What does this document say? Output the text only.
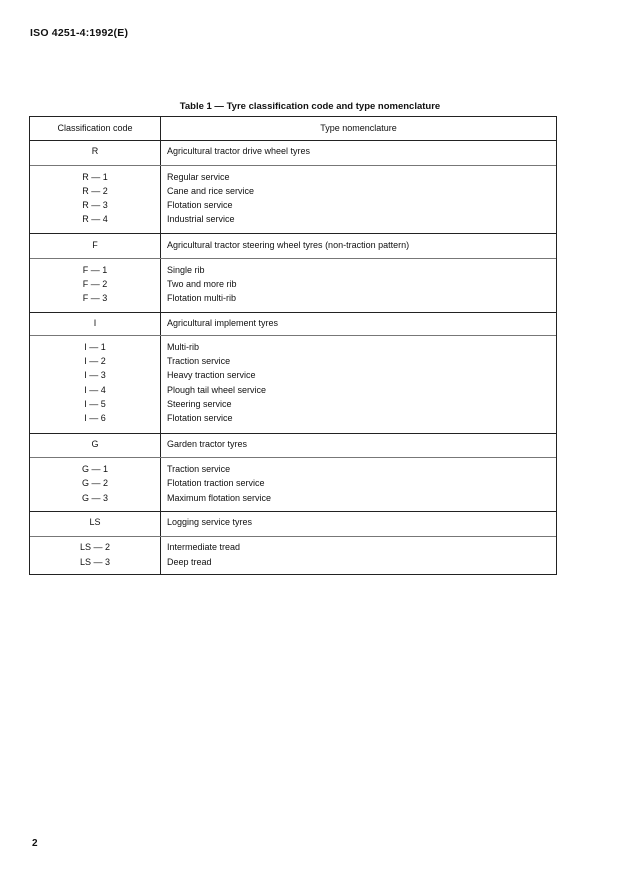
ISO 4251-4:1992(E)
Table 1 — Tyre classification code and type nomenclature
Classification code	Type nomenclature
R	Agricultural tractor drive wheel tyres
R — 1	Regular service
R — 2	Cane and rice service
R — 3	Flotation service
R — 4	Industrial service
F	Agricultural tractor steering wheel tyres (non-traction pattern)
F — 1	Single rib
F — 2	Two and more rib
F — 3	Flotation multi-rib
I	Agricultural implement tyres
I — 1	Multi-rib
I — 2	Traction service
I — 3	Heavy traction service
I — 4	Plough tail wheel service
I — 5	Steering service
I — 6	Flotation service
G	Garden tractor tyres
G — 1	Traction service
G — 2	Flotation traction service
G — 3	Maximum flotation service
LS	Logging service tyres
LS — 2	Intermediate tread
LS — 3	Deep tread
2
